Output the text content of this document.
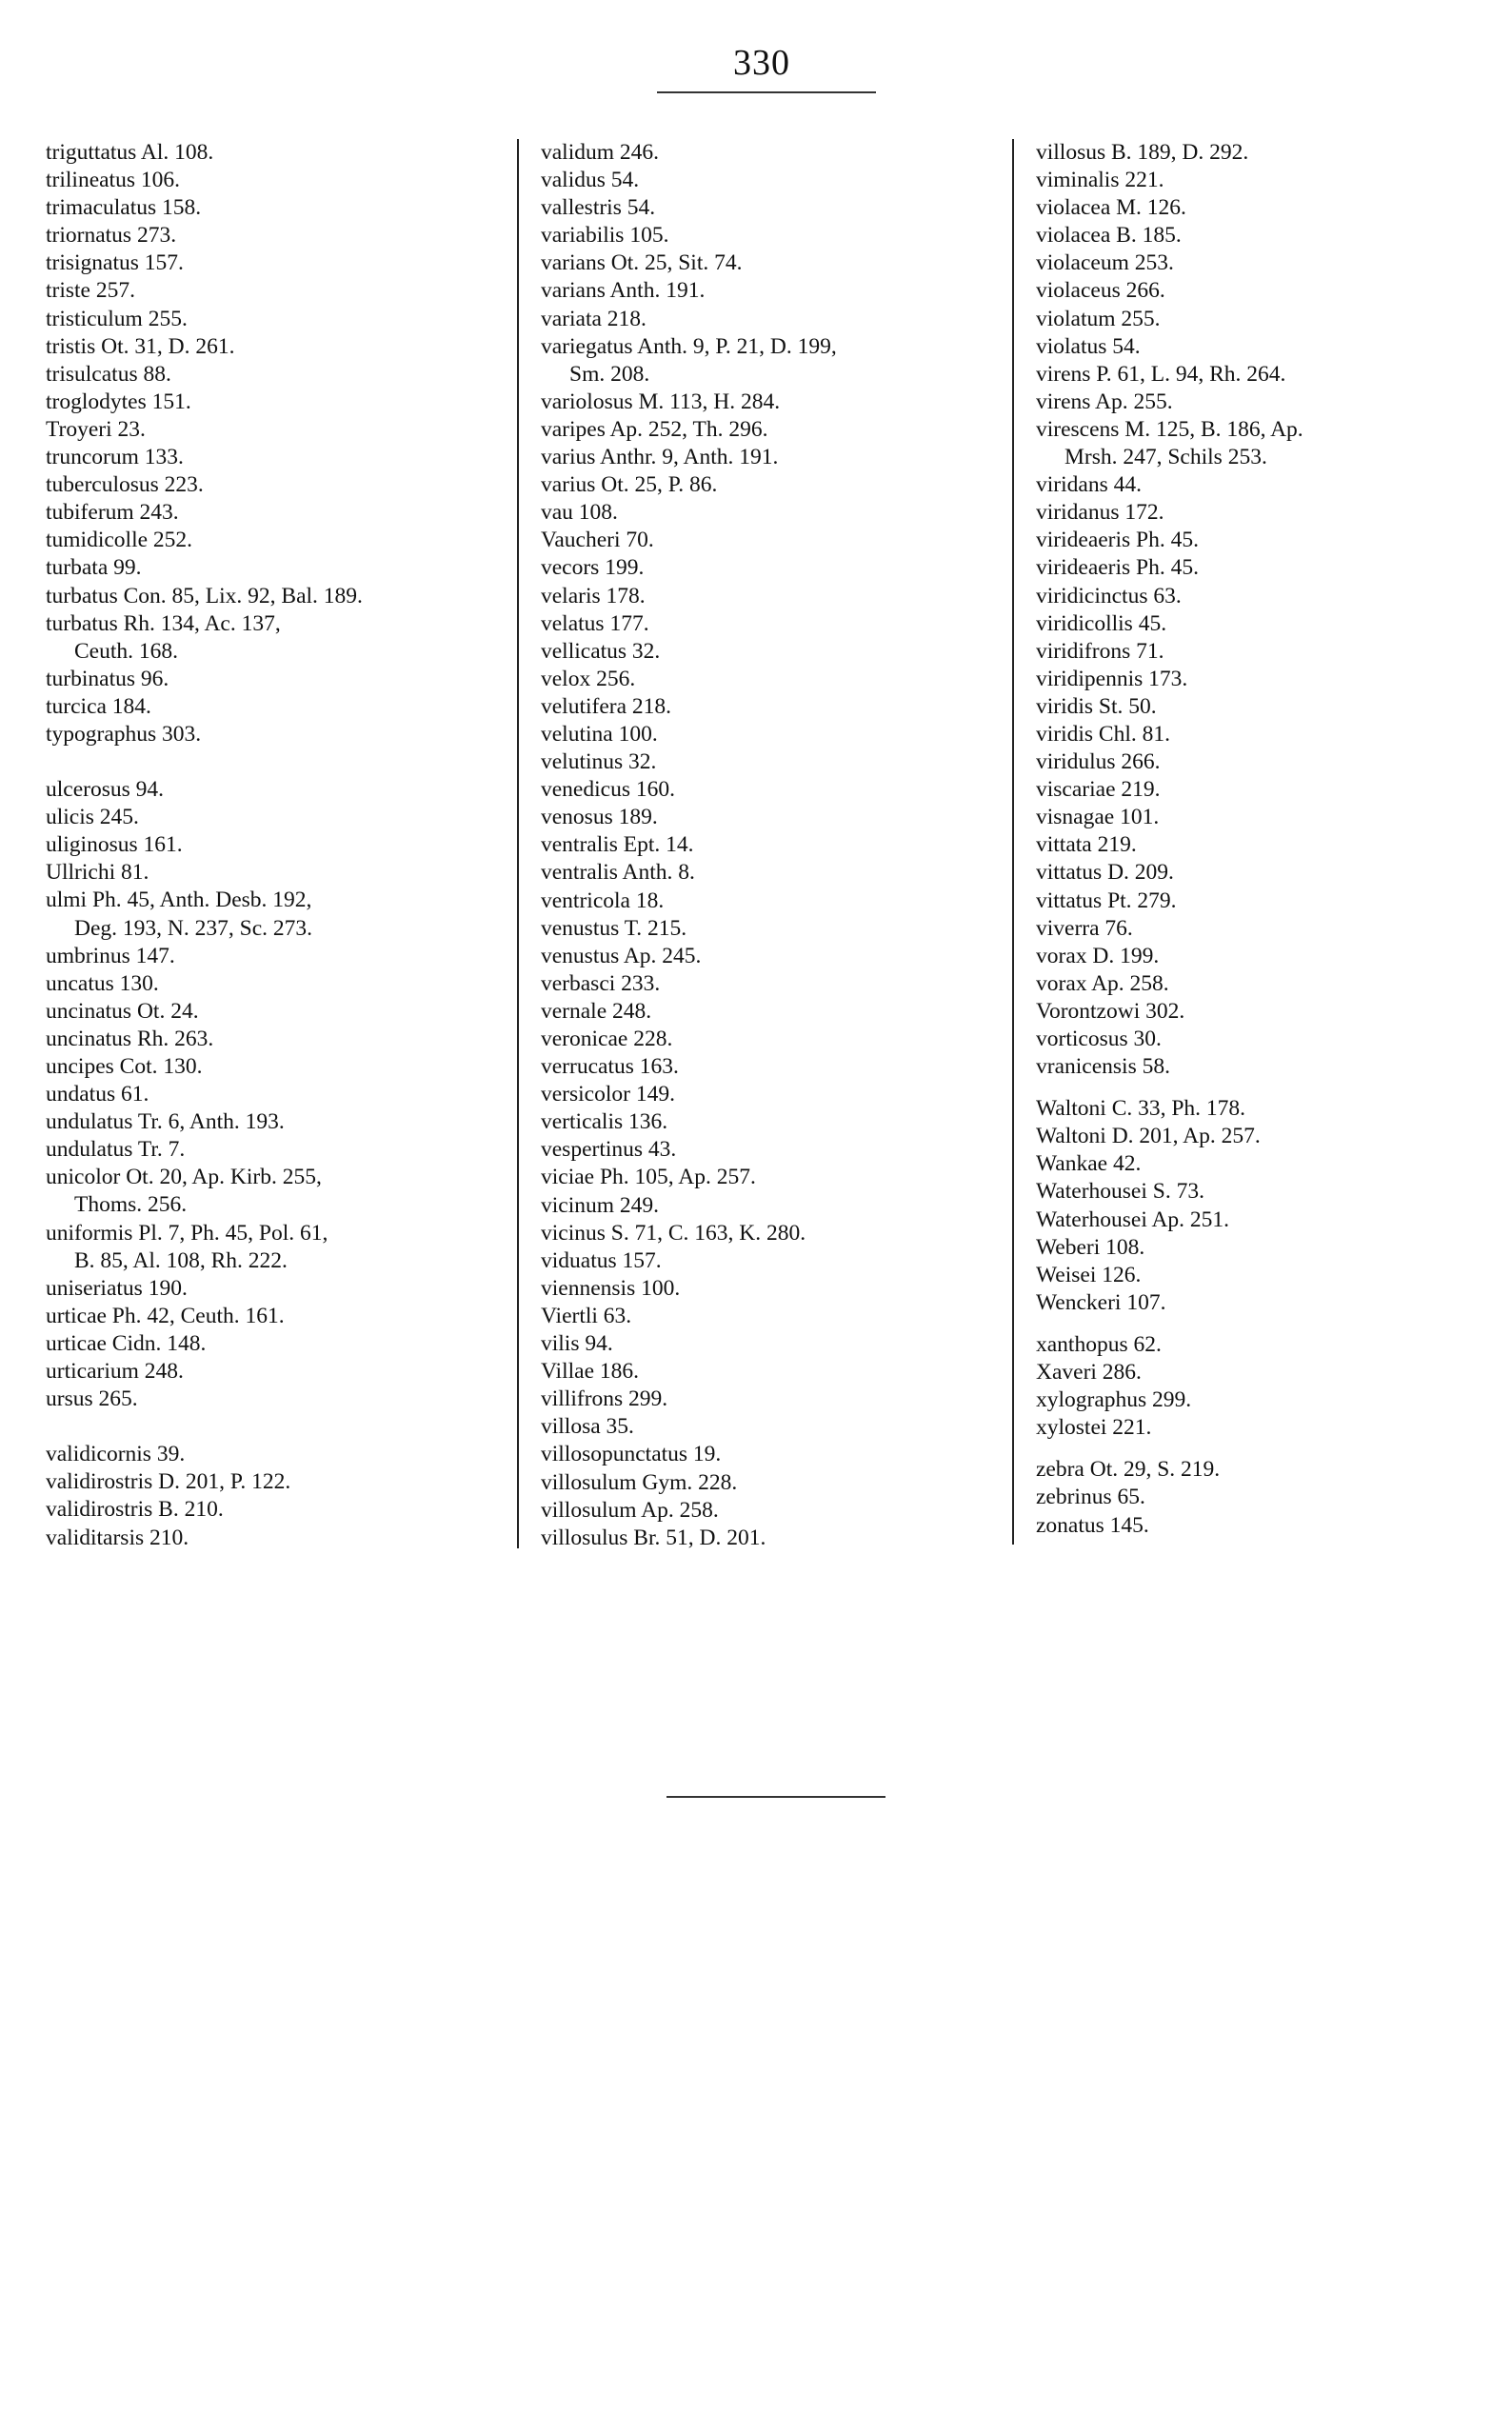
330

triguttatus Al. 108.

trilineatus 106.

trimaculatus 158.

triornatus 273.

trisignatus 157.

triste 257.

tristiculum 255.

tristis Ot. 31, D. 261.

trisulcatus 88.

troglodytes 151.

Troyeri 23.

truncorum 133.

tuberculosus 223.

tubiferum 243.

tumidicolle 252.

turbata 99.

turbatus Con. 85, Lix. 92, Bal. 189.

turbatus Rh. 134, Ac. 137,
Ceuth. 168.

turbinatus 96.

turcica 184.

typographus 303.

ulcerosus 94.

ulicis 245.

uliginosus 161.

Ullrichi 81.

ulmi Ph. 45, Anth. Desb. 192,
Deg. 193, N. 237, Sc. 273.

umbrinus 147.

uncatus 130.

uncinatus Ot. 24.

uncinatus Rh. 263.

uncipes Cot. 130.

undatus 61.

undulatus Tr. 6, Anth. 193.

undulatus Tr. 7.

unicolor Ot. 20, Ap. Kirb. 255,
Thoms. 256.

uniformis Pl. 7, Ph. 45, Pol. 61,
B. 85, Al. 108, Rh. 222.

uniseriatus 190.

urticae Ph. 42, Ceuth. 161.

urticae Cidn. 148.

urticarium 248.

ursus 265.

validicornis 39.

validirostris D. 201, P. 122.

validirostris B. 210.

validitarsis 210.

validum 246.

validus 54.

vallestris 54.

variabilis 105.

varians Ot. 25, Sit. 74.

varians Anth. 191.

variata 218.

variegatus Anth. 9, P. 21, D. 199,
Sm. 208.

variolosus M. 113, H. 284.

varipes Ap. 252, Th. 296.

varius Anthr. 9, Anth. 191.

varius Ot. 25, P. 86.

vau 108.

Vaucheri 70.

vecors 199.

velaris 178.

velatus 177.

vellicatus 32.

velox 256.

velutifera 218.

velutina 100.

velutinus 32.

venedicus 160.

venosus 189.

ventralis Ept. 14.

ventralis Anth. 8.

ventricola 18.

venustus T. 215.

venustus Ap. 245.

verbasci 233.

vernale 248.

veronicae 228.

verrucatus 163.

versicolor 149.

verticalis 136.

vespertinus 43.

viciae Ph. 105, Ap. 257.

vicinum 249.

vicinus S. 71, C. 163, K. 280.

viduatus 157.

viennensis 100.

Viertli 63.

vilis 94.

Villae 186.

villifrons 299.

villosa 35.

villosopunctatus 19.

villosulum Gym. 228.

villosulum Ap. 258.

villosulus Br. 51, D. 201.

villosus B. 189, D. 292.

viminalis 221.

violacea M. 126.

violacea B. 185.

violaceum 253.

violaceus 266.

violatum 255.

violatus 54.

virens P. 61, L. 94, Rh. 264.

virens Ap. 255.

virescens M. 125, B. 186, Ap.
Mrsh. 247, Schils 253.

viridans 44.

viridanus 172.

virideaeris Ph. 45.

virideaeris Ph. 45.

viridicinctus 63.

viridicollis 45.

viridifrons 71.

viridipennis 173.

viridis St. 50.

viridis Chl. 81.

viridulus 266.

viscariae 219.

visnagae 101.

vittata 219.

vittatus D. 209.

vittatus Pt. 279.

viverra 76.

vorax D. 199.

vorax Ap. 258.

Vorontzowi 302.

vorticosus 30.

vranicensis 58.

Waltoni C. 33, Ph. 178.

Waltoni D. 201, Ap. 257.

Wankae 42.

Waterhousei S. 73.

Waterhousei Ap. 251.

Weberi 108.

Weisei 126.

Wenckeri 107.

xanthopus 62.

Xaveri 286.

xylographus 299.

xylostei 221.

zebra Ot. 29, S. 219.

zebrinus 65.

zonatus 145.
